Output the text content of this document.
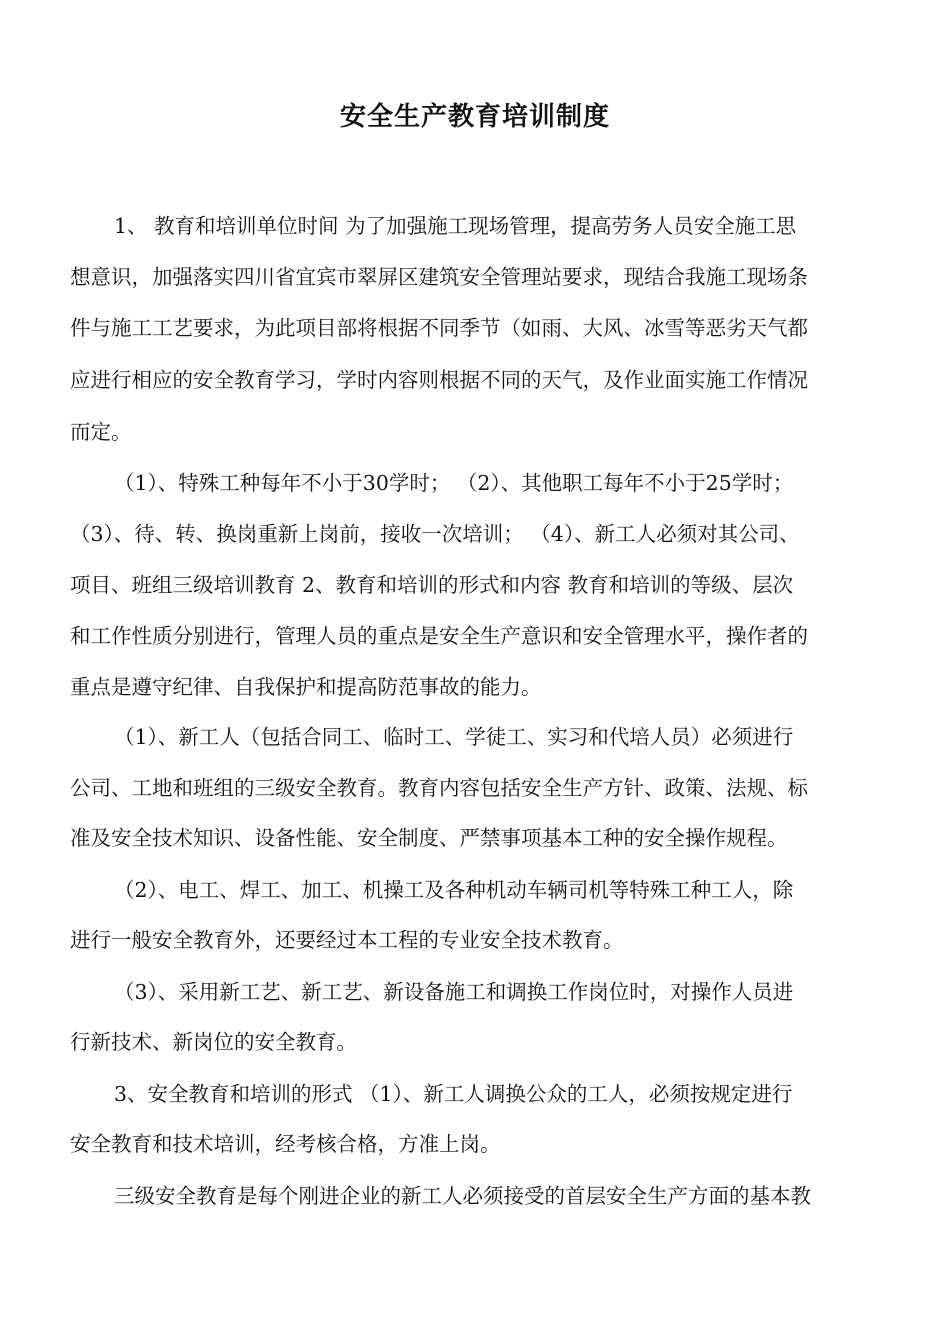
安全生产教育培训制度

1、 教育和培训单位时间 为了加强施工现场管理，提高劳务人员安全施工思

想意识，加强落实四川省宜宾市翠屏区建筑安全管理站要求，现结合我施工现场条

件与施工工艺要求，为此项目部将根据不同季节（如雨、大风、冰雪等恶劣天气都

应进行相应的安全教育学习，学时内容则根据不同的天气，及作业面实施工作情况

而定。

（1）、特殊工种每年不小于30学时； （2）、其他职工每年不小于25学时；

（3）、待、转、换岗重新上岗前，接收一次培训； （4）、新工人必须对其公司、

项目、班组三级培训教育 2、教育和培训的形式和内容 教育和培训的等级、层次

和工作性质分别进行，管理人员的重点是安全生产意识和安全管理水平，操作者的

重点是遵守纪律、自我保护和提高防范事故的能力。

（1）、新工人（包括合同工、临时工、学徒工、实习和代培人员）必须进行

公司、工地和班组的三级安全教育。教育内容包括安全生产方针、政策、法规、标

准及安全技术知识、设备性能、安全制度、严禁事项基本工种的安全操作规程。

（2）、电工、焊工、加工、机操工及各种机动车辆司机等特殊工种工人，除

进行一般安全教育外，还要经过本工程的专业安全技术教育。

（3）、采用新工艺、新工艺、新设备施工和调换工作岗位时，对操作人员进

行新技术、新岗位的安全教育。

3、安全教育和培训的形式 （1）、新工人调换公众的工人，必须按规定进行

安全教育和技术培训，经考核合格，方准上岗。

三级安全教育是每个刚进企业的新工人必须接受的首层安全生产方面的基本教
